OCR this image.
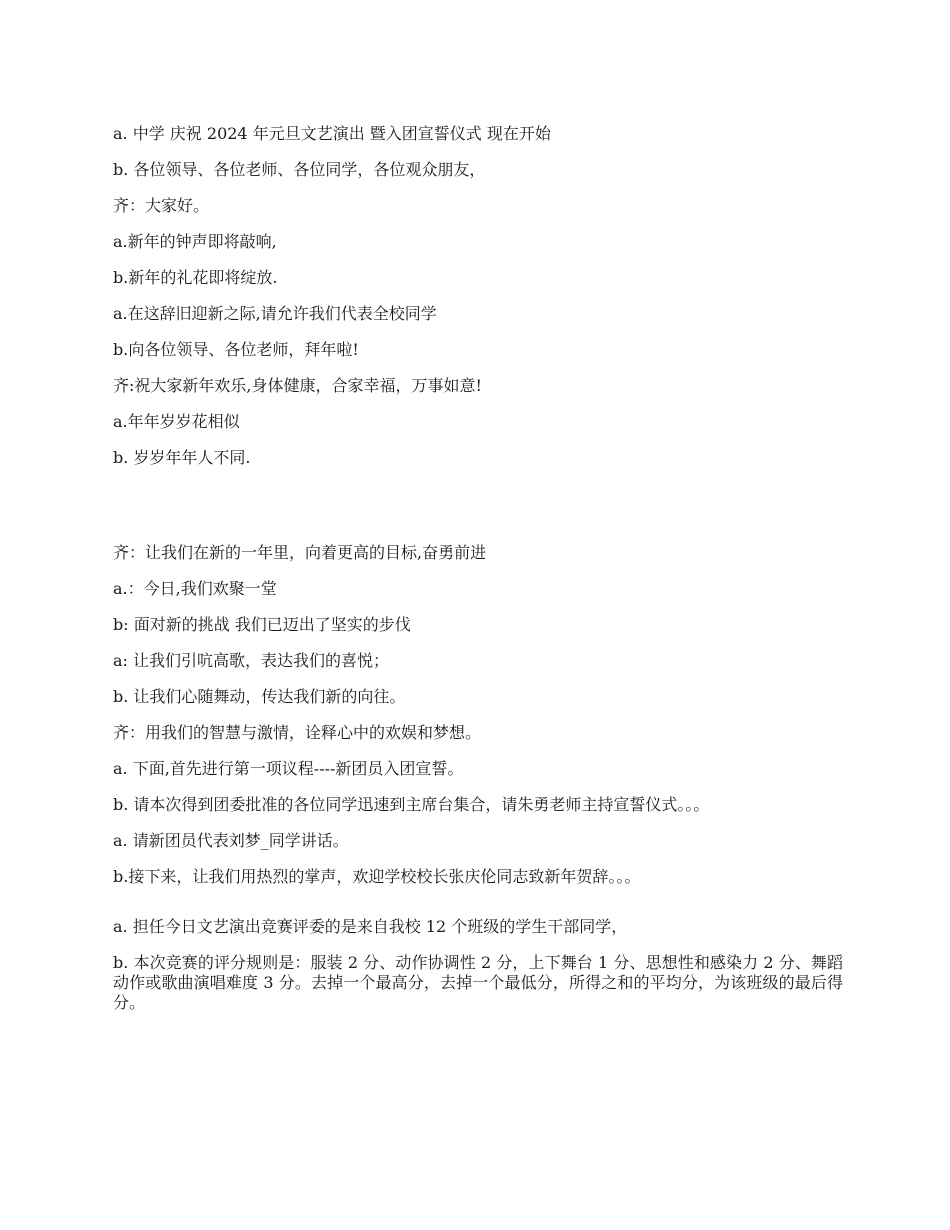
a. 中学 庆祝 2024 年元旦文艺演出 暨入团宣誓仪式 现在开始
b. 各位领导、各位老师、各位同学，各位观众朋友，
齐：大家好。
a.新年的钟声即将敲响,
b.新年的礼花即将绽放.
a.在这辞旧迎新之际,请允许我们代表全校同学
b.向各位领导、各位老师，拜年啦!
齐:祝大家新年欢乐,身体健康，合家幸福，万事如意!
a.年年岁岁花相似
b. 岁岁年年人不同.
齐：让我们在新的一年里，向着更高的目标,奋勇前进
a.：今日,我们欢聚一堂
b: 面对新的挑战 我们已迈出了坚实的步伐
a: 让我们引吭高歌，表达我们的喜悦；
b. 让我们心随舞动，传达我们新的向往。
齐：用我们的智慧与激情，诠释心中的欢娱和梦想。
a. 下面,首先进行第一项议程----新团员入团宣誓。
b. 请本次得到团委批准的各位同学迅速到主席台集合，请朱勇老师主持宣誓仪式。。。
a. 请新团员代表刘梦_同学讲话。
b.接下来，让我们用热烈的掌声，欢迎学校校长张庆伦同志致新年贺辞。。。
a. 担任今日文艺演出竞赛评委的是来自我校 12 个班级的学生干部同学，

b. 本次竞赛的评分规则是：服装 2 分、动作协调性 2 分，上下舞台 1 分、思想性和感染力 2 分、舞蹈动作或歌曲演唱难度 3 分。去掉一个最高分，去掉一个最低分，所得之和的平均分，为该班级的最后得分。
